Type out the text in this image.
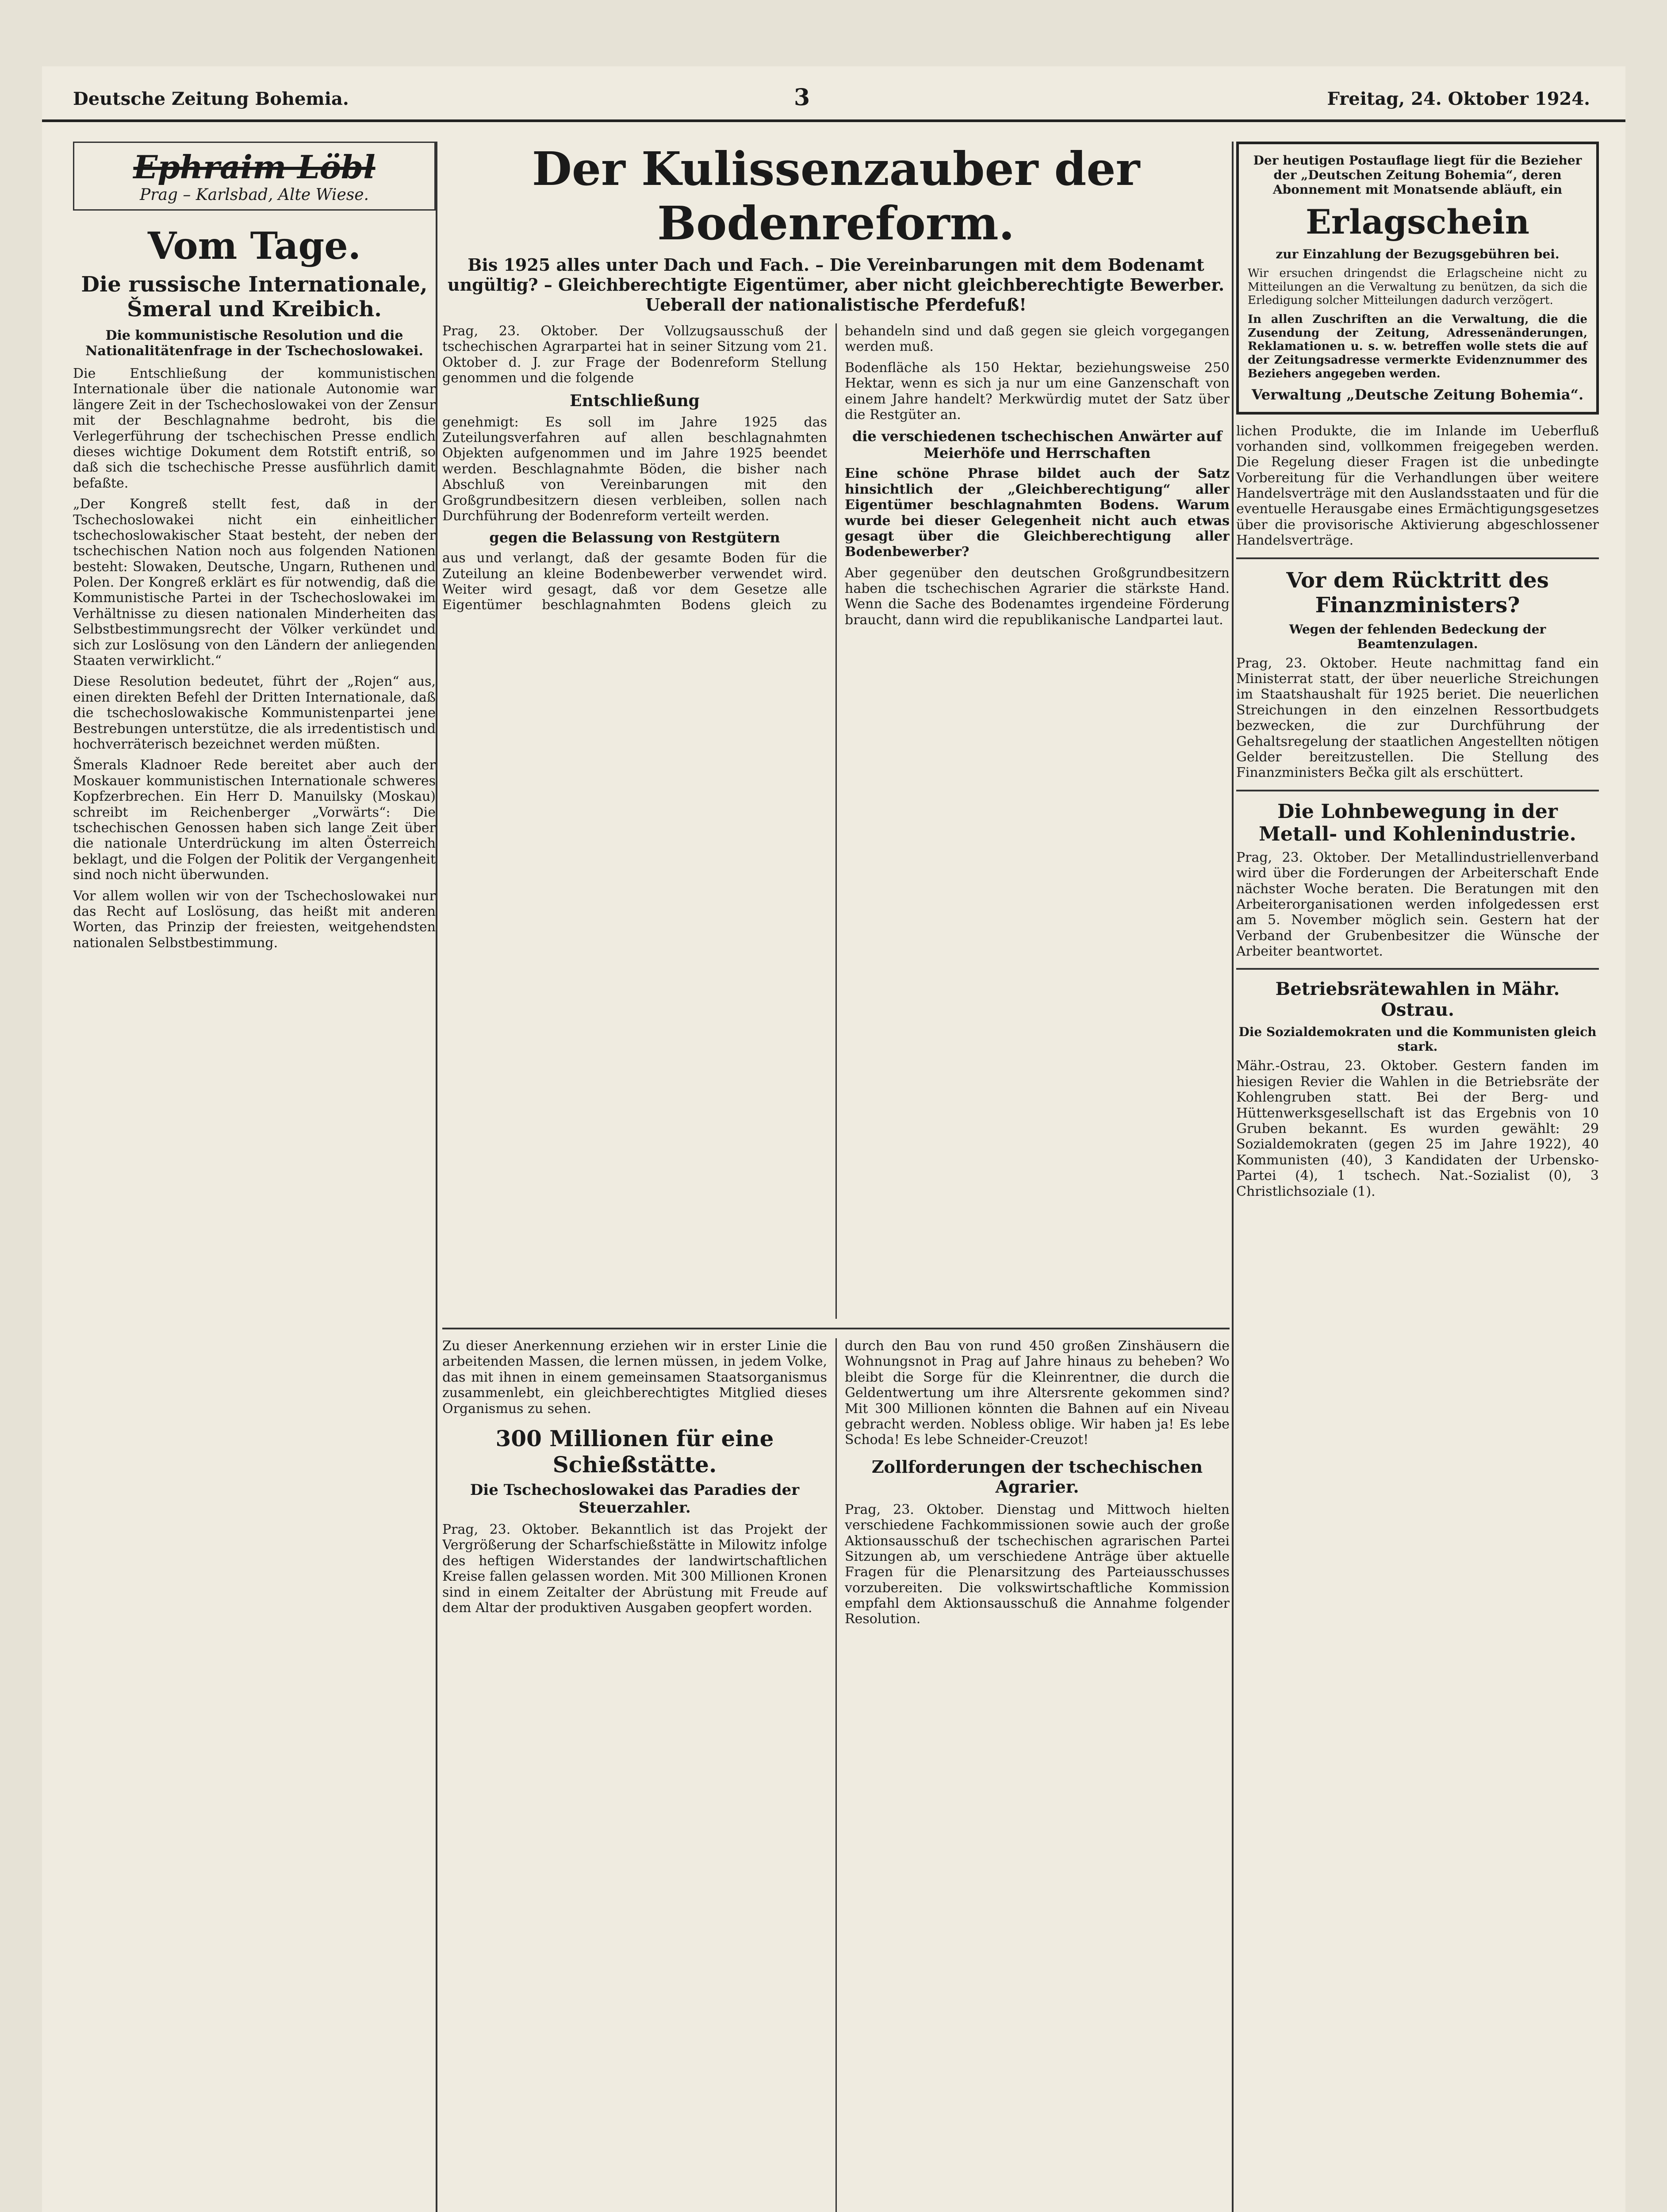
Deutsche Zeitung Bohemia.	3	Freitag, 24. Oktober 1924.
Ephraim Löbl
Prag – Karlsbad, Alte Wiese.
Vom Tage.
Die russische Internationale, Šmeral und Kreibich.
Die kommunistische Resolution und die Nationalitätenfrage in der Tschechoslowakei.

Die Entschließung der kommunistischen Internationale über die nationale Autonomie war längere Zeit in der Tschechoslowakei von der Zensur mit der Beschlagnahme bedroht, bis die Verlegerführung der tschechischen Presse endlich dieses wichtige Dokument dem Rotstift entriß, so daß sich die tschechische Presse ausführlich damit befaßte.

„Der Kongreß stellt fest, daß in der Tschechoslowakei nicht ein einheitlicher tschechoslowakischer Staat besteht, der neben der tschechischen Nation noch aus folgenden Nationen besteht: Slowaken, Deutsche, Ungarn, Ruthenen und Polen. Der Kongreß erklärt es für notwendig, daß die Kommunistische Partei in der Tschechoslowakei im Verhältnisse zu diesen nationalen Minderheiten das Selbstbestimmungsrecht der Völker verkündet und sich zur Loslösung von den Ländern der anliegenden Staaten verwirklicht.“

Diese Resolution bedeutet, führt der „Rojen“ aus, einen direkten Befehl der Dritten Internationale, daß die tschechoslowakische Kommunistenpartei jene Bestrebungen unterstütze, die als irredentistisch und hochverräterisch bezeichnet werden müßten.

Šmerals Kladnoer Rede bereitet aber auch der Moskauer kommunistischen Internationale schweres Kopfzerbrechen. Ein Herr D. Manuilsky (Moskau) schreibt im Reichenberger „Vorwärts“: Die tschechischen Genossen haben sich lange Zeit über die nationale Unterdrückung im alten Österreich beklagt, und die Folgen der Politik der Vergangenheit sind noch nicht überwunden.

Vor allem wollen wir von der Tschechoslowakei nur das Recht auf Loslösung, das heißt mit anderen Worten, das Prinzip der freiesten, weitgehendsten nationalen Selbstbestimmung.

Der Kulissenzauber der Bodenreform.
Bis 1925 alles unter Dach und Fach. – Die Vereinbarungen mit dem Bodenamt ungültig? – Gleichberechtigte Eigentümer, aber nicht gleichberechtigte Bewerber. Ueberall der nationalistische Pferdefuß!

Prag, 23. Oktober. Der Vollzugsausschuß der tschechischen Agrarpartei hat in seiner Sitzung vom 21. Oktober d. J. zur Frage der Bodenreform Stellung genommen und die folgende

Entschließung

genehmigt: Es soll im Jahre 1925 das Zuteilungsverfahren auf allen beschlagnahmten Objekten aufgenommen und im Jahre 1925 beendet werden. Beschlagnahmte Böden, die bisher nach Abschluß von Vereinbarungen mit den Großgrundbesitzern diesen verbleiben, sollen nach Durchführung der Bodenreform verteilt werden.

gegen die Belassung von Restgütern

aus und verlangt, daß der gesamte Boden für die Zuteilung an kleine Bodenbewerber verwendet wird. Weiter wird gesagt, daß vor dem Gesetze alle Eigentümer beschlagnahmten Bodens gleich zu behandeln sind und daß gegen sie gleich vorgegangen werden muß.

Bodenfläche als 150 Hektar, beziehungsweise 250 Hektar, wenn es sich ja nur um eine Ganzenschaft von einem Jahre handelt? Merkwürdig mutet der Satz über die Restgüter an.

die verschiedenen tschechischen Anwärter auf Meierhöfe und Herrschaften

Eine schöne Phrase bildet auch der Satz hinsichtlich der „Gleichberechtigung“ aller Eigentümer beschlagnahmten Bodens. Warum wurde bei dieser Gelegenheit nicht auch etwas gesagt über die Gleichberechtigung aller Bodenbewerber?

Aber gegenüber den deutschen Großgrundbesitzern haben die tschechischen Agrarier die stärkste Hand. Wenn die Sache des Bodenamtes irgendeine Förderung braucht, dann wird die republikanische Landpartei laut.

Zu dieser Anerkennung erziehen wir in erster Linie die arbeitenden Massen, die lernen müssen, in jedem Volke, das mit ihnen in einem gemeinsamen Staatsorganismus zusammenlebt, ein gleichberechtigtes Mitglied dieses Organismus zu sehen.

300 Millionen für eine Schießstätte.
Die Tschechoslowakei das Paradies der Steuerzahler.

Prag, 23. Oktober. Bekanntlich ist das Projekt der Vergrößerung der Scharfschießstätte in Milowitz infolge des heftigen Widerstandes der landwirtschaftlichen Kreise fallen gelassen worden. Mit 300 Millionen Kronen sind in einem Zeitalter der Abrüstung mit Freude auf dem Altar der produktiven Ausgaben geopfert worden.

durch den Bau von rund 450 großen Zinshäusern die Wohnungsnot in Prag auf Jahre hinaus zu beheben? Wo bleibt die Sorge für die Kleinrentner, die durch die Geldentwertung um ihre Altersrente gekommen sind? Mit 300 Millionen könnten die Bahnen auf ein Niveau gebracht werden. Nobless oblige. Wir haben ja! Es lebe Schoda! Es lebe Schneider-Creuzot!

Zollforderungen der tschechischen Agrarier.

Prag, 23. Oktober. Dienstag und Mittwoch hielten verschiedene Fachkommissionen sowie auch der große Aktionsausschuß der tschechischen agrarischen Partei Sitzungen ab, um verschiedene Anträge über aktuelle Fragen für die Plenarsitzung des Parteiausschusses vorzubereiten. Die volkswirtschaftliche Kommission empfahl dem Aktionsausschuß die Annahme folgender Resolution.

Der heutigen Postauflage liegt für die Bezieher der „Deutschen Zeitung Bohemia“, deren Abonnement mit Monatsende abläuft, ein

Erlagschein

zur Einzahlung der Bezugsgebühren bei.

Wir ersuchen dringendst die Erlagscheine nicht zu Mitteilungen an die Verwaltung zu benützen, da sich die Erledigung solcher Mitteilungen dadurch verzögert.

In allen Zuschriften an die Verwaltung, die die Zusendung der Zeitung, Adressenänderungen, Reklamationen u. s. w. betreffen wolle stets die auf der Zeitungsadresse vermerkte Evidenznummer des Beziehers angegeben werden.

Verwaltung „Deutsche Zeitung Bohemia“.

lichen Produkte, die im Inlande im Ueberfluß vorhanden sind, vollkommen freigegeben werden. Die Regelung dieser Fragen ist die unbedingte Vorbereitung für die Verhandlungen über weitere Handelsverträge mit den Auslandsstaaten und für die eventuelle Herausgabe eines Ermächtigungsgesetzes über die provisorische Aktivierung abgeschlossener Handelsverträge.

Vor dem Rücktritt des Finanzministers?
Wegen der fehlenden Bedeckung der Beamtenzulagen.

Prag, 23. Oktober. Heute nachmittag fand ein Ministerrat statt, der über neuerliche Streichungen im Staatshaushalt für 1925 beriet. Die neuerlichen Streichungen in den einzelnen Ressortbudgets bezwecken, die zur Durchführung der Gehaltsregelung der staatlichen Angestellten nötigen Gelder bereitzustellen. Die Stellung des Finanzministers Bečka gilt als erschüttert.

Die Lohnbewegung in der Metall- und Kohlenindustrie.

Prag, 23. Oktober. Der Metallindustriellenverband wird über die Forderungen der Arbeiterschaft Ende nächster Woche beraten. Die Beratungen mit den Arbeiterorganisationen werden infolgedessen erst am 5. November möglich sein. Gestern hat der Verband der Grubenbesitzer die Wünsche der Arbeiter beantwortet.

Betriebsrätewahlen in Mähr. Ostrau.
Die Sozialdemokraten und die Kommunisten gleich stark.

Mähr.-Ostrau, 23. Oktober. Gestern fanden im hiesigen Revier die Wahlen in die Betriebsräte der Kohlengruben statt. Bei der Berg- und Hüttenwerksgesellschaft ist das Ergebnis von 10 Gruben bekannt. Es wurden gewählt: 29 Sozialdemokraten (gegen 25 im Jahre 1922), 40 Kommunisten (40), 3 Kandidaten der Urbensko-Partei (4), 1 tschech. Nat.-Sozialist (0), 3 Christlichsoziale (1).
